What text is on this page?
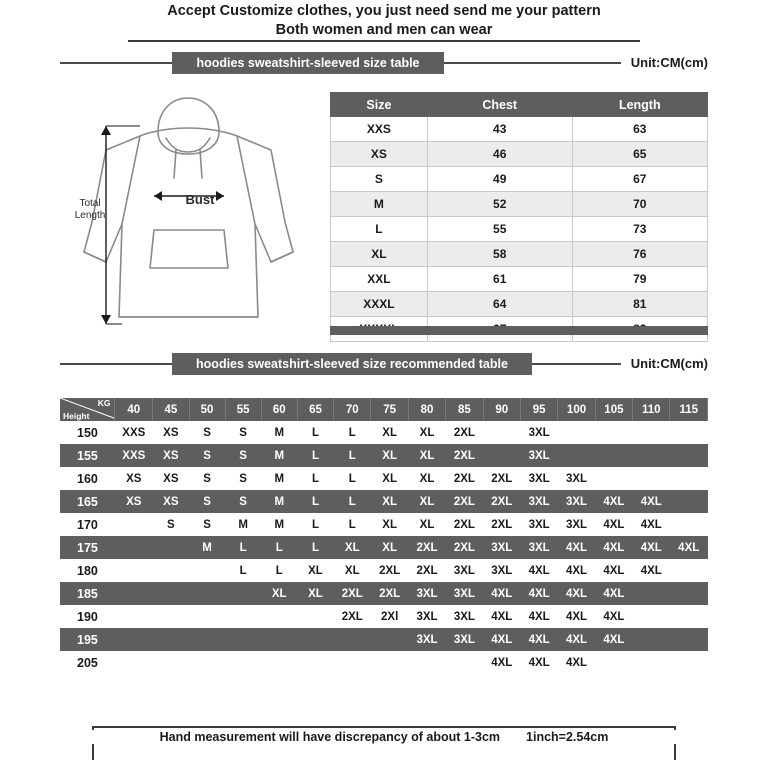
Accept Customize clothes, you just need send me your pattern
Both women and men can wear
hoodies sweatshirt-sleeved size table	Unit:CM(cm)
Total
Length
Bust
Size	Chest	Length
XXS	43	63
XS	46	65
S	49	67
M	52	70
L	55	73
XL	58	76
XXL	61	79
XXXL	64	81

hoodies sweatshirt-sleeved size recommended table	Unit:CM(cm)
KG
Height	40	45	50	55	60	65	70	75	80	85	90	95	100	105	110	115
150	XXS	XS	S	S	M	L	L	XL	XL	2XL		3XL				
155	XXS	XS	S	S	M	L	L	XL	XL	2XL		3XL				
160	XS	XS	S	S	M	L	L	XL	XL	2XL	2XL	3XL	3XL			
165	XS	XS	S	S	M	L	L	XL	XL	2XL	2XL	3XL	3XL	4XL	4XL	
170		S	S	M	M	L	L	XL	XL	2XL	2XL	3XL	3XL	4XL	4XL	
175			M	L	L	L	XL	XL	2XL	2XL	3XL	3XL	4XL	4XL	4XL	4XL
180				L	L	XL	XL	2XL	2XL	3XL	3XL	4XL	4XL	4XL	4XL	
185					XL	XL	2XL	2XL	3XL	3XL	4XL	4XL	4XL	4XL		
190							2XL	2Xl	3XL	3XL	4XL	4XL	4XL	4XL		
195									3XL	3XL	4XL	4XL	4XL	4XL		
205											4XL	4XL	4XL			
Hand measurement will have discrepancy of about 1-3cm 1inch=2.54cm
